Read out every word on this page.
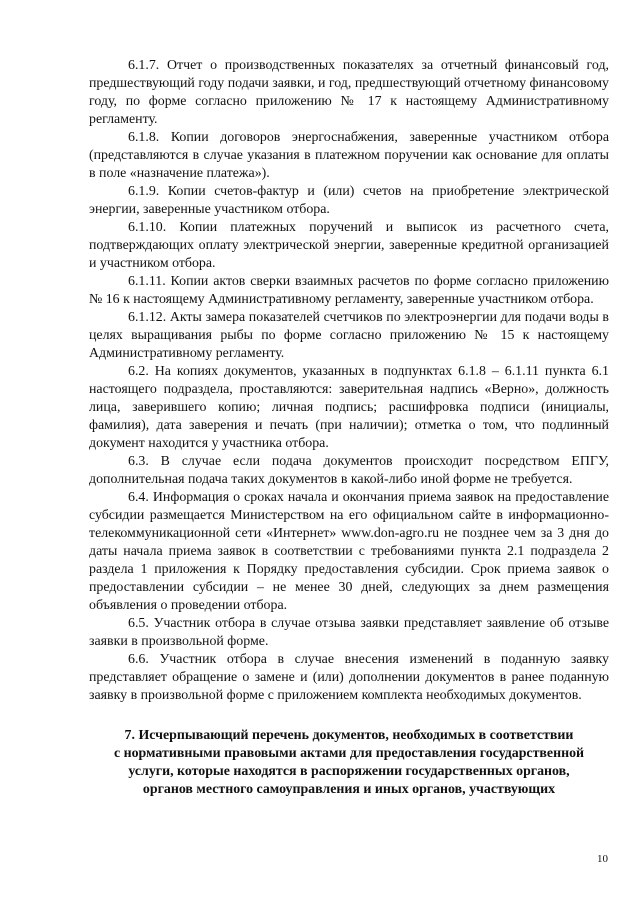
6.1.7. Отчет о производственных показателях за отчетный финансовый год, предшествующий году подачи заявки, и год, предшествующий отчетному финансовому году, по форме согласно приложению № 17 к настоящему Административному регламенту.

6.1.8. Копии договоров энергоснабжения, заверенные участником отбора (представляются в случае указания в платежном поручении как основание для оплаты в поле «назначение платежа»).

6.1.9. Копии счетов-фактур и (или) счетов на приобретение электрической энергии, заверенные участником отбора.

6.1.10. Копии платежных поручений и выписок из расчетного счета, подтверждающих оплату электрической энергии, заверенные кредитной организацией и участником отбора.

6.1.11. Копии актов сверки взаимных расчетов по форме согласно приложению № 16 к настоящему Административному регламенту, заверенные участником отбора.

6.1.12. Акты замера показателей счетчиков по электроэнергии для подачи воды в целях выращивания рыбы по форме согласно приложению № 15 к настоящему Административному регламенту.

6.2. На копиях документов, указанных в подпунктах 6.1.8 – 6.1.11 пункта 6.1 настоящего подраздела, проставляются: заверительная надпись «Верно», должность лица, заверившего копию; личная подпись; расшифровка подписи (инициалы, фамилия), дата заверения и печать (при наличии); отметка о том, что подлинный документ находится у участника отбора.

6.3. В случае если подача документов происходит посредством ЕПГУ, дополнительная подача таких документов в какой-либо иной форме не требуется.

6.4. Информация о сроках начала и окончания приема заявок на предоставление субсидии размещается Министерством на его официальном сайте в информационно-телекоммуникационной сети «Интернет» www.don-agro.ru не позднее чем за 3 дня до даты начала приема заявок в соответствии с требованиями пункта 2.1 подраздела 2 раздела 1 приложения к Порядку предоставления субсидии. Срок приема заявок о предоставлении субсидии – не менее 30 дней, следующих за днем размещения объявления о проведении отбора.

6.5. Участник отбора в случае отзыва заявки представляет заявление об отзыве заявки в произвольной форме.

6.6. Участник отбора в случае внесения изменений в поданную заявку представляет обращение о замене и (или) дополнении документов в ранее поданную заявку в произвольной форме с приложением комплекта необходимых документов.

7. Исчерпывающий перечень документов, необходимых в соответствии
с нормативными правовыми актами для предоставления государственной
услуги, которые находятся в распоряжении государственных органов,
органов местного самоуправления и иных органов, участвующих
10
